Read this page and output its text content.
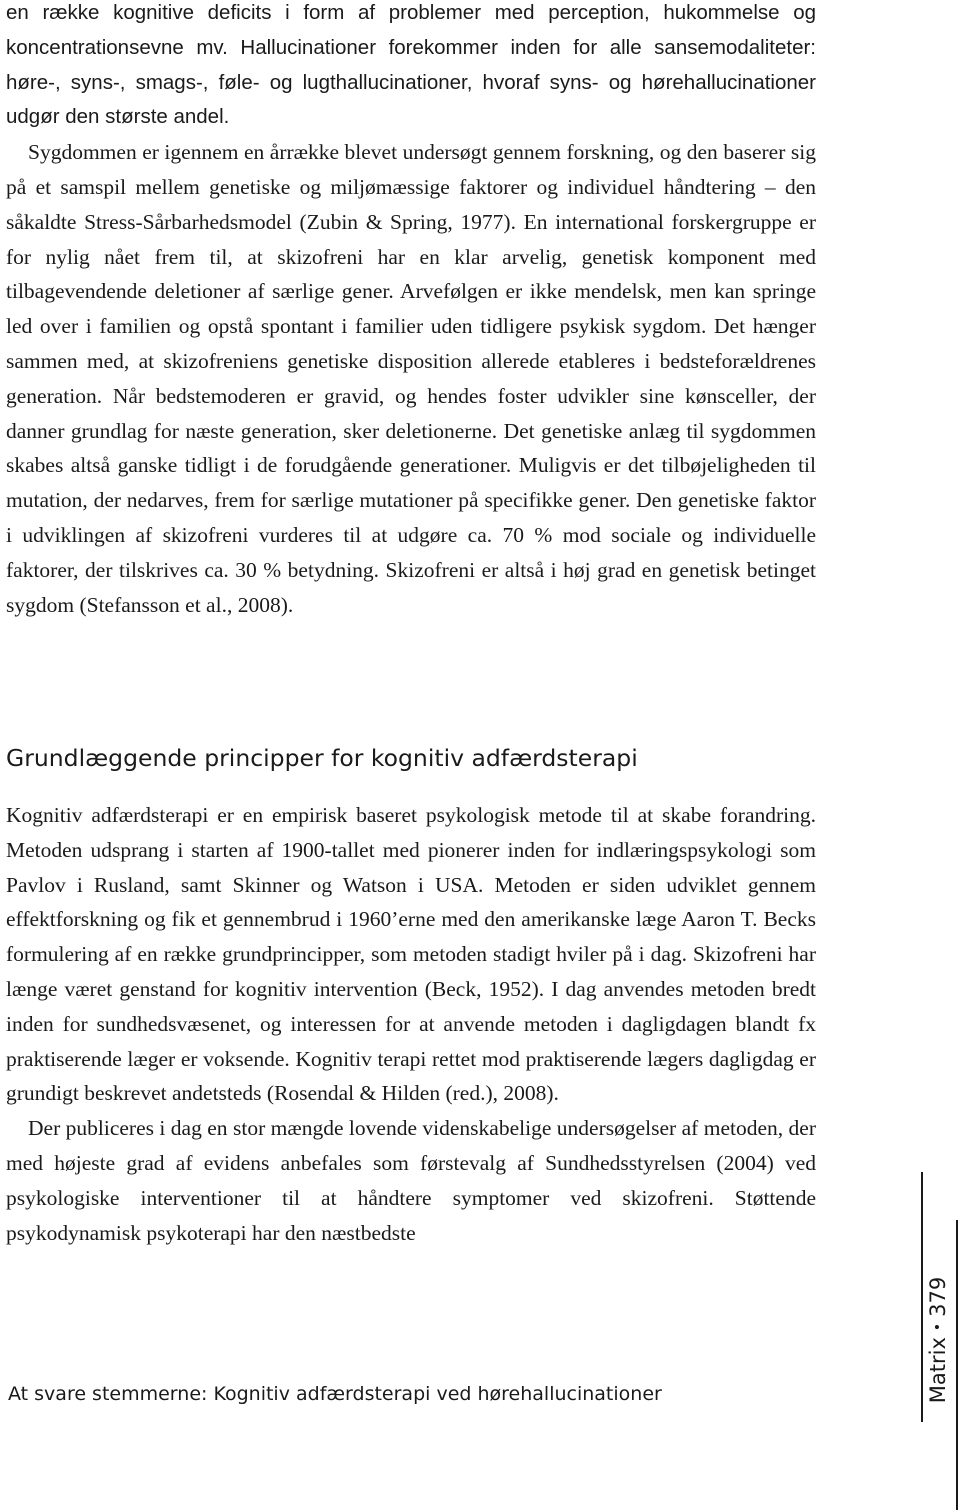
en række kognitive deficits i form af problemer med perception, hukommelse og koncentrationsevne mv. Hallucinationer forekommer inden for alle sansemodaliteter: høre-, syns-, smags-, føle- og lugthallucinationer, hvoraf syns- og hørehallucinationer udgør den største andel.

Sygdommen er igennem en årrække blevet undersøgt gennem forskning, og den baserer sig på et samspil mellem genetiske og miljømæssige faktorer og individuel håndtering – den såkaldte Stress-Sårbarhedsmodel (Zubin & Spring, 1977). En international forskergruppe er for nylig nået frem til, at skizofreni har en klar arvelig, genetisk komponent med tilbagevendende deletioner af særlige gener. Arvefølgen er ikke mendelsk, men kan springe led over i familien og opstå spontant i familier uden tidligere psykisk sygdom. Det hænger sammen med, at skizofreniens genetiske disposition allerede etableres i bedsteforældrenes generation. Når bedstemoderen er gravid, og hendes foster udvikler sine kønsceller, der danner grundlag for næste generation, sker deletionerne. Det genetiske anlæg til sygdommen skabes altså ganske tidligt i de forudgående generationer. Muligvis er det tilbøjeligheden til mutation, der nedarves, frem for særlige mutationer på specifikke gener. Den genetiske faktor i udviklingen af skizofreni vurderes til at udgøre ca. 70 % mod sociale og individuelle faktorer, der tilskrives ca. 30 % betydning. Skizofreni er altså i høj grad en genetisk betinget sygdom (Stefansson et al., 2008).

Grundlæggende principper for kognitiv adfærdsterapi

Kognitiv adfærdsterapi er en empirisk baseret psykologisk metode til at skabe forandring. Metoden udsprang i starten af 1900-tallet med pionerer inden for indlæringspsykologi som Pavlov i Rusland, samt Skinner og Watson i USA. Metoden er siden udviklet gennem effektforskning og fik et gennembrud i 1960’erne med den amerikanske læge Aaron T. Becks formulering af en række grundprincipper, som metoden stadigt hviler på i dag. Skizofreni har længe været genstand for kognitiv intervention (Beck, 1952). I dag anvendes metoden bredt inden for sundhedsvæsenet, og interessen for at anvende metoden i dagligdagen blandt fx praktiserende læger er voksende. Kognitiv terapi rettet mod praktiserende lægers dagligdag er grundigt beskrevet andetsteds (Rosendal & Hilden (red.), 2008).

Der publiceres i dag en stor mængde lovende videnskabelige undersøgelser af metoden, der med højeste grad af evidens anbefales som førstevalg af Sundhedsstyrelsen (2004) ved psykologiske interventioner til at håndtere symptomer ved skizofreni. Støttende psykodynamisk psykoterapi har den næstbedste

At svare stemmerne: Kognitiv adfærdsterapi ved hørehallucinationer	Matrix•379
